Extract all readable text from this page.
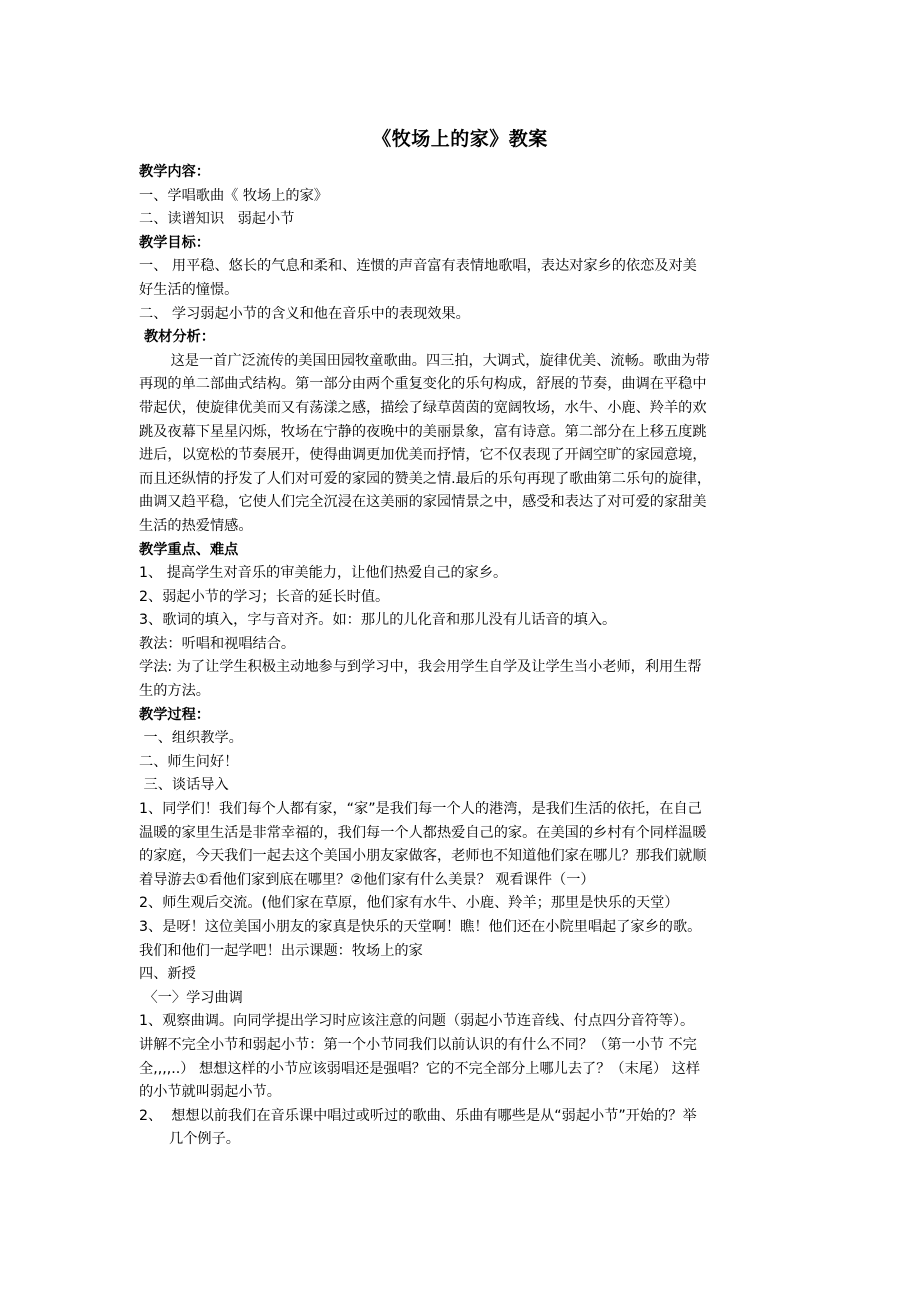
《牧场上的家》教案
教学内容：
一、学唱歌曲《 牧场上的家》
二、读谱知识   弱起小节
教学目标：
一、 用平稳、悠长的气息和柔和、连惯的声音富有表情地歌唱，表达对家乡的依恋及对美
好生活的憧憬。
二、 学习弱起小节的含义和他在音乐中的表现效果。
教材分析：
这是一首广泛流传的美国田园牧童歌曲。四三拍，大调式，旋律优美、流畅。歌曲为带
再现的单二部曲式结构。第一部分由两个重复变化的乐句构成，舒展的节奏，曲调在平稳中
带起伏，使旋律优美而又有荡漾之感，描绘了绿草茵茵的宽阔牧场，水牛、小鹿、羚羊的欢
跳及夜幕下星星闪烁，牧场在宁静的夜晚中的美丽景象，富有诗意。第二部分在上移五度跳
进后，以宽松的节奏展开，使得曲调更加优美而抒情，它不仅表现了开阔空旷的家园意境，
而且还纵情的抒发了人们对可爱的家园的赞美之情.最后的乐句再现了歌曲第二乐句的旋律，
曲调又趋平稳，它使人们完全沉浸在这美丽的家园情景之中，感受和表达了对可爱的家甜美
生活的热爱情感。
教学重点、难点
1、 提高学生对音乐的审美能力，让他们热爱自己的家乡。
2、弱起小节的学习；长音的延长时值。
3、歌词的填入，字与音对齐。如：那儿的儿化音和那儿没有儿话音的填入。
教法：听唱和视唱结合。
学法: 为了让学生积极主动地参与到学习中，我会用学生自学及让学生当小老师，利用生帮
生的方法。
教学过程：
一、组织教学。
二、师生问好！
三、谈话导入
1、同学们！我们每个人都有家，“家”是我们每一个人的港湾，是我们生活的依托，在自己
温暖的家里生活是非常幸福的，我们每一个人都热爱自己的家。在美国的乡村有个同样温暖
的家庭，今天我们一起去这个美国小朋友家做客，老师也不知道他们家在哪儿？那我们就顺
着导游去①看他们家到底在哪里？②他们家有什么美景？ 观看课件（一）
2、师生观后交流。(他们家在草原，他们家有水牛、小鹿、羚羊；那里是快乐的天堂）
3、是呀！这位美国小朋友的家真是快乐的天堂啊！瞧！他们还在小院里唱起了家乡的歌。
我们和他们一起学吧！出示课题：牧场上的家
四、新授
〈一〉学习曲调
1、观察曲调。向同学提出学习时应该注意的问题（弱起小节连音线、付点四分音符等）。
讲解不完全小节和弱起小节：第一个小节同我们以前认识的有什么不同？（第一小节 不完
全,,,,..） 想想这样的小节应该弱唱还是强唱？它的不完全部分上哪儿去了？（末尾） 这样
的小节就叫弱起小节。
2、  想想以前我们在音乐课中唱过或听过的歌曲、乐曲有哪些是从“弱起小节”开始的？举
几个例子。
